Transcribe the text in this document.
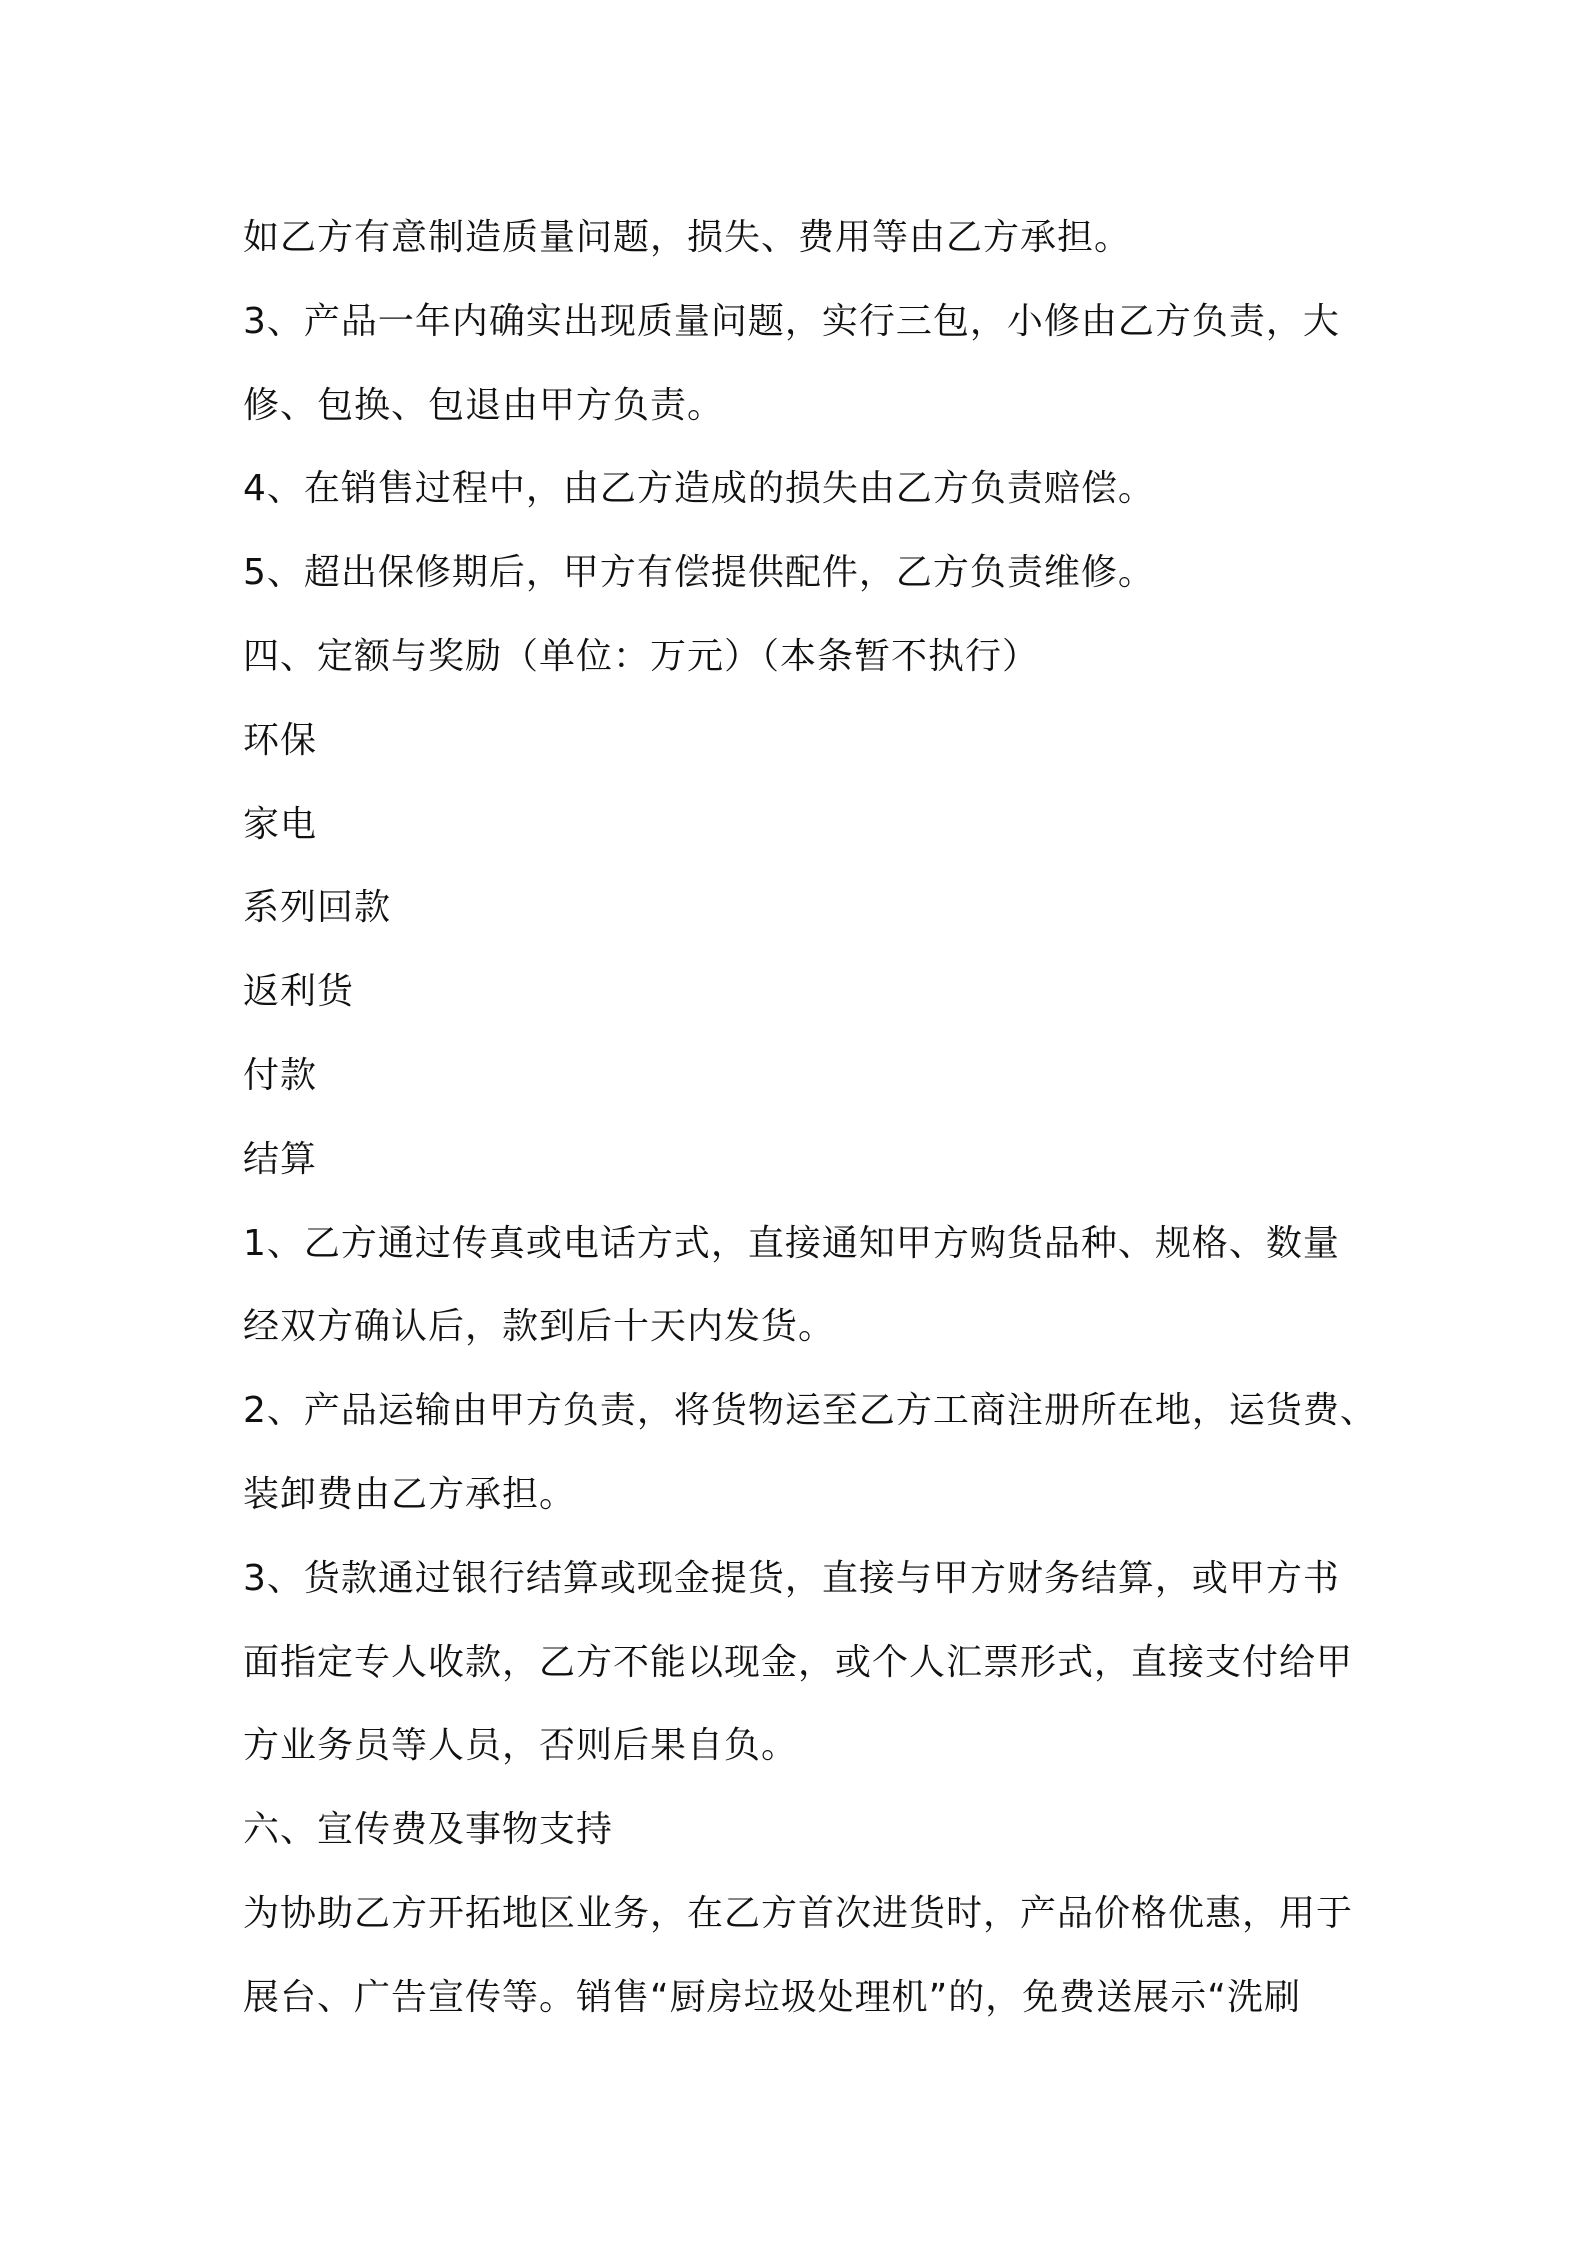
如乙方有意制造质量问题，损失、费用等由乙方承担。
3、产品一年内确实出现质量问题，实行三包，小修由乙方负责，大
修、包换、包退由甲方负责。
4、在销售过程中，由乙方造成的损失由乙方负责赔偿。
5、超出保修期后，甲方有偿提供配件，乙方负责维修。
四、定额与奖励（单位：万元）（本条暂不执行）
环保
家电
系列回款
返利货
付款
结算
1、乙方通过传真或电话方式，直接通知甲方购货品种、规格、数量
经双方确认后，款到后十天内发货。
2、产品运输由甲方负责，将货物运至乙方工商注册所在地，运货费、
装卸费由乙方承担。
3、货款通过银行结算或现金提货，直接与甲方财务结算，或甲方书
面指定专人收款，乙方不能以现金，或个人汇票形式，直接支付给甲
方业务员等人员，否则后果自负。
六、宣传费及事物支持
为协助乙方开拓地区业务，在乙方首次进货时，产品价格优惠，用于
展台、广告宣传等。销售“厨房垃圾处理机”的，免费送展示“洗刷
